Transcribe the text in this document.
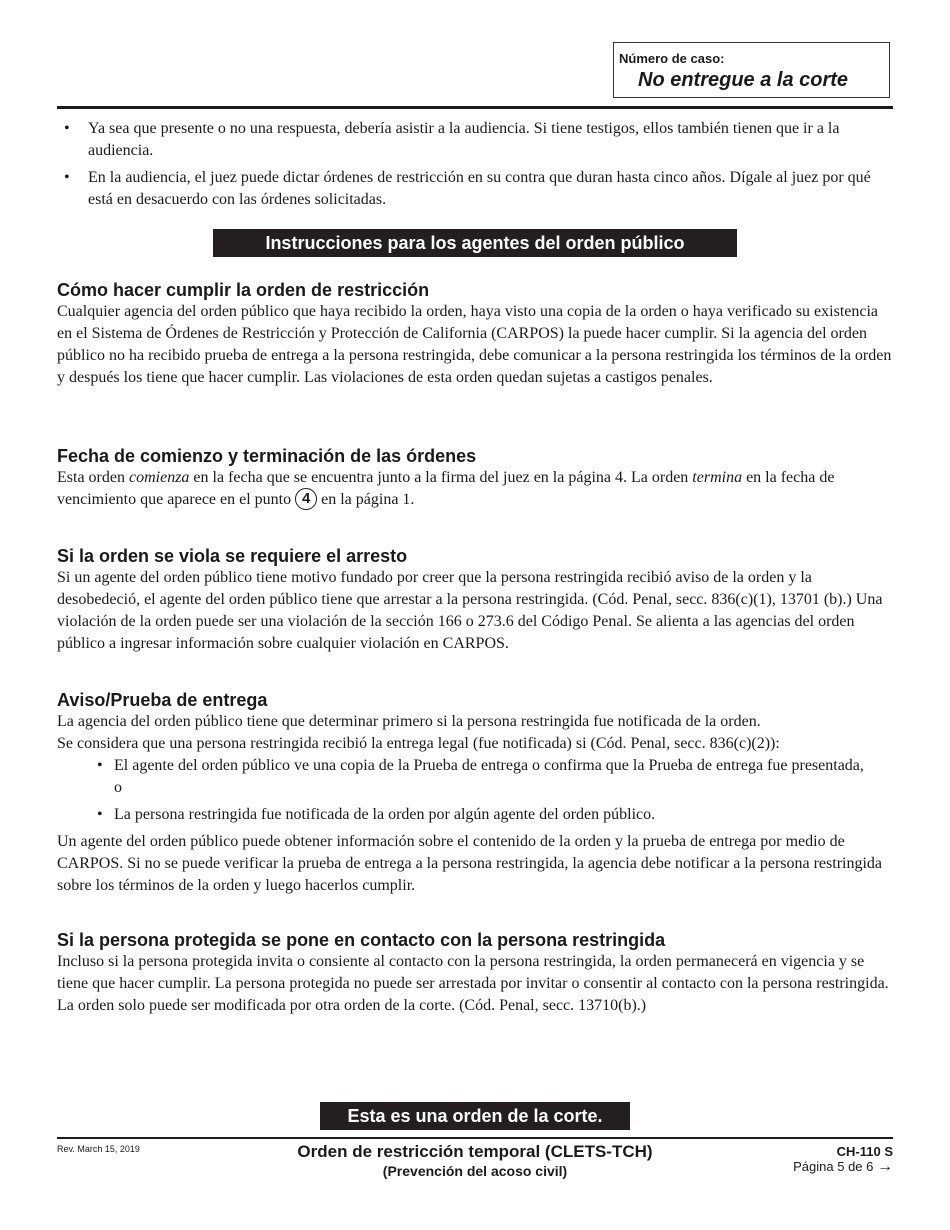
Número de caso:
No entregue a la corte
• Ya sea que presente o no una respuesta, debería asistir a la audiencia. Si tiene testigos, ellos también tienen que ir a la audiencia.
• En la audiencia, el juez puede dictar órdenes de restricción en su contra que duran hasta cinco años. Dígale al juez por qué está en desacuerdo con las órdenes solicitadas.
Instrucciones para los agentes del orden público
Cómo hacer cumplir la orden de restricción

Cualquier agencia del orden público que haya recibido la orden, haya visto una copia de la orden o haya verificado su existencia en el Sistema de Órdenes de Restricción y Protección de California (CARPOS) la puede hacer cumplir. Si la agencia del orden público no ha recibido prueba de entrega a la persona restringida, debe comunicar a la persona restringida los términos de la orden y después los tiene que hacer cumplir. Las violaciones de esta orden quedan sujetas a castigos penales.

Fecha de comienzo y terminación de las órdenes

Esta orden comienza en la fecha que se encuentra junto a la firma del juez en la página 4. La orden termina en la fecha de vencimiento que aparece en el punto 4 en la página 1.

Si la orden se viola se requiere el arresto

Si un agente del orden público tiene motivo fundado por creer que la persona restringida recibió aviso de la orden y la desobedeció, el agente del orden público tiene que arrestar a la persona restringida. (Cód. Penal, secc. 836(c)(1), 13701 (b).) Una violación de la orden puede ser una violación de la sección 166 o 273.6 del Código Penal. Se alienta a las agencias del orden público a ingresar información sobre cualquier violación en CARPOS.

Aviso/Prueba de entrega

La agencia del orden público tiene que determinar primero si la persona restringida fue notificada de la orden.

Se considera que una persona restringida recibió la entrega legal (fue notificada) si (Cód. Penal, secc. 836(c)(2)):

• El agente del orden público ve una copia de la Prueba de entrega o confirma que la Prueba de entrega fue presentada, o
• La persona restringida fue notificada de la orden por algún agente del orden público.

Un agente del orden público puede obtener información sobre el contenido de la orden y la prueba de entrega por medio de CARPOS. Si no se puede verificar la prueba de entrega a la persona restringida, la agencia debe notificar a la persona restringida sobre los términos de la orden y luego hacerlos cumplir.

Si la persona protegida se pone en contacto con la persona restringida

Incluso si la persona protegida invita o consiente al contacto con la persona restringida, la orden permanecerá en vigencia y se tiene que hacer cumplir. La persona protegida no puede ser arrestada por invitar o consentir al contacto con la persona restringida. La orden solo puede ser modificada por otra orden de la corte. (Cód. Penal, secc. 13710(b).)

Esta es una orden de la corte.
Rev. March 15, 2019	Orden de restricción temporal (CLETS-TCH)
(Prevención del acoso civil)
CH-110 S
Página 5 de 6 →
